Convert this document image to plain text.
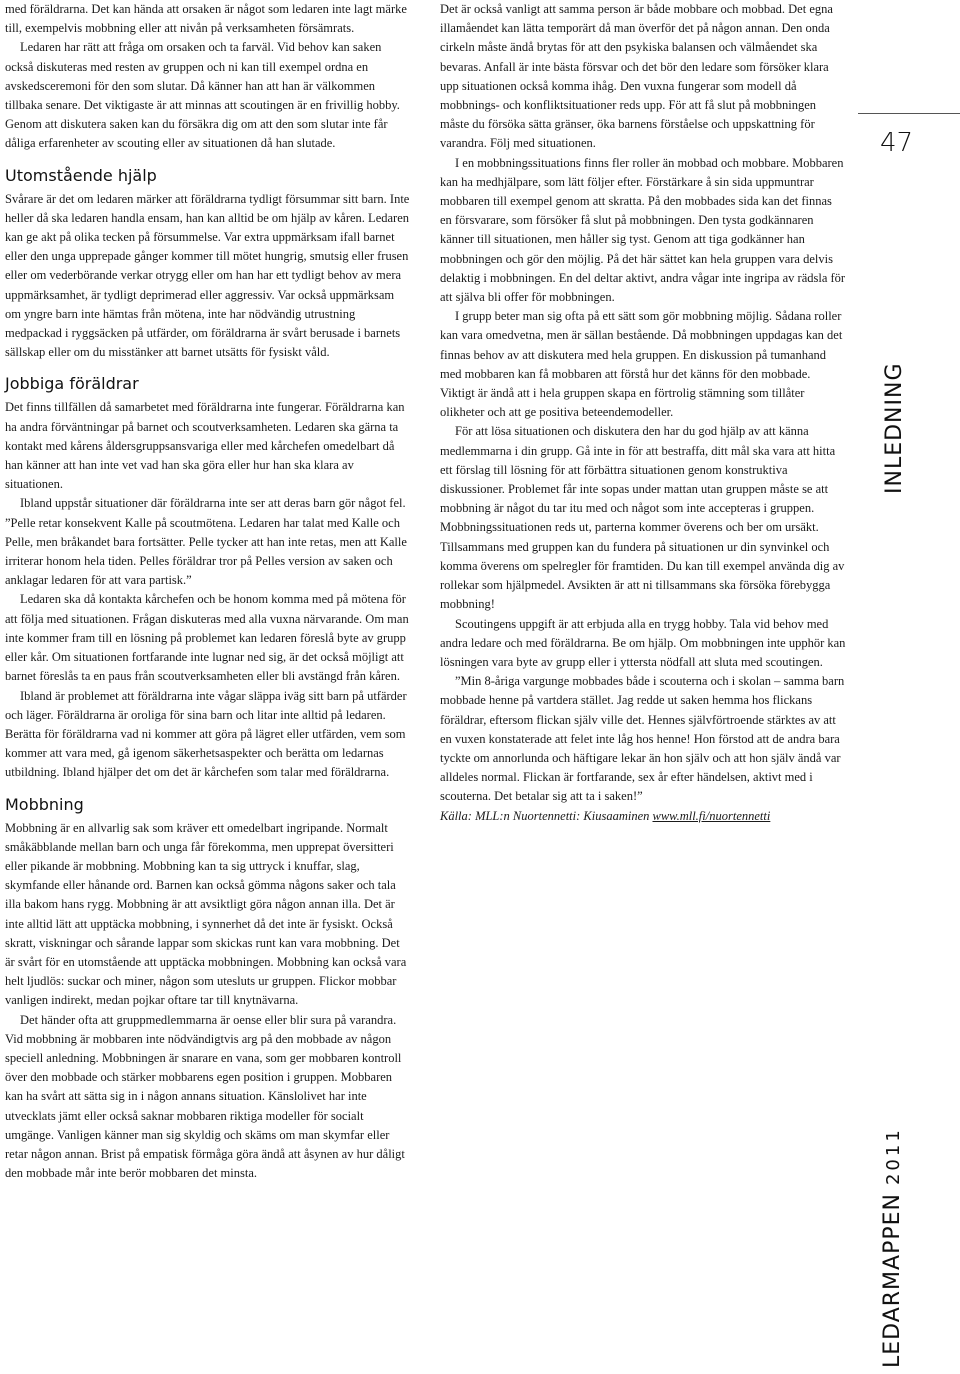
med föräldrarna. Det kan hända att orsaken är något som ledaren inte lagt märke till, exempelvis mobbning eller att nivån på verksamheten försämrats.

Ledaren har rätt att fråga om orsaken och ta farväl. Vid behov kan saken också diskuteras med resten av gruppen och ni kan till exempel ordna en avskedsceremoni för den som slutar. Då känner han att han är välkommen tillbaka senare. Det viktigaste är att minnas att scoutingen är en frivillig hobby. Genom att diskutera saken kan du försäkra dig om att den som slutar inte får dåliga erfarenheter av scouting eller av situationen då han slutade.

Utomstående hjälp

Svårare är det om ledaren märker att föräldrarna tydligt försummar sitt barn. Inte heller då ska ledaren handla ensam, han kan alltid be om hjälp av kåren. Ledaren kan ge akt på olika tecken på försummelse. Var extra uppmärksam ifall barnet eller den unga upprepade gånger kommer till mötet hungrig, smutsig eller frusen eller om vederbörande verkar otrygg eller om han har ett tydligt behov av mera uppmärksamhet, är tydligt deprimerad eller aggressiv. Var också uppmärksam om yngre barn inte hämtas från mötena, inte har nödvändig utrustning medpackad i ryggsäcken på utfärder, om föräldrarna är svårt berusade i barnets sällskap eller om du misstänker att barnet utsätts för fysiskt våld.

Jobbiga föräldrar

Det finns tillfällen då samarbetet med föräldrarna inte fungerar. Föräldrarna kan ha andra förväntningar på barnet och scoutverksamheten. Ledaren ska gärna ta kontakt med kårens åldersgruppsansvariga eller med kårchefen omedelbart då han känner att han inte vet vad han ska göra eller hur han ska klara av situationen.

Ibland uppstår situationer där föräldrarna inte ser att deras barn gör något fel. ”Pelle retar konsekvent Kalle på scoutmötena. Ledaren har talat med Kalle och Pelle, men bråkandet bara fortsätter. Pelle tycker att han inte retas, men att Kalle irriterar honom hela tiden. Pelles föräldrar tror på Pelles version av saken och anklagar ledaren för att vara partisk.”

Ledaren ska då kontakta kårchefen och be honom komma med på mötena för att följa med situationen. Frågan diskuteras med alla vuxna närvarande. Om man inte kommer fram till en lösning på problemet kan ledaren föreslå byte av grupp eller kår. Om situationen fortfarande inte lugnar ned sig, är det också möjligt att barnet föreslås ta en paus från scoutverksamheten eller bli avstängd från kåren.

Ibland är problemet att föräldrarna inte vågar släppa iväg sitt barn på utfärder och läger. Föräldrarna är oroliga för sina barn och litar inte alltid på ledaren. Berätta för föräldrarna vad ni kommer att göra på lägret eller utfärden, vem som kommer att vara med, gå igenom säkerhetsaspekter och berätta om ledarnas utbildning. Ibland hjälper det om det är kårchefen som talar med föräldrarna.

Mobbning

Mobbning är en allvarlig sak som kräver ett omedelbart ingripande. Normalt småkäbblande mellan barn och unga får förekomma, men upprepat översitteri eller pikande är mobbning. Mobbning kan ta sig uttryck i knuffar, slag, skymfande eller hånande ord. Barnen kan också gömma någons saker och tala illa bakom hans rygg. Mobbning är att avsiktligt göra någon annan illa. Det är inte alltid lätt att upptäcka mobbning, i synnerhet då det inte är fysiskt. Också skratt, viskningar och sårande lappar som skickas runt kan vara mobbning. Det är svårt för en utomstående att upptäcka mobbningen. Mobbning kan också vara helt ljudlös: suckar och miner, någon som utesluts ur gruppen. Flickor mobbar vanligen indirekt, medan pojkar oftare tar till knytnävarna.

Det händer ofta att gruppmedlemmarna är oense eller blir sura på varandra. Vid mobbning är mobbaren inte nödvändigtvis arg på den mobbade av någon speciell anledning. Mobbningen är snarare en vana, som ger mobbaren kontroll över den mobbade och stärker mobbarens egen position i gruppen. Mobbaren kan ha svårt att sätta sig in i någon annans situation. Känslolivet har inte utvecklats jämt eller också saknar mobbaren riktiga modeller för socialt umgänge. Vanligen känner man sig skyldig och skäms om man skymfar eller retar någon annan. Brist på empatisk förmåga göra ändå att åsynen av hur dåligt den mobbade mår inte berör mobbaren det minsta.

Det är också vanligt att samma person är både mobbare och mobbad. Det egna illamåendet kan lätta temporärt då man överför det på någon annan. Den onda cirkeln måste ändå brytas för att den psykiska balansen och välmåendet ska bevaras. Anfall är inte bästa försvar och det bör den ledare som försöker klara upp situationen också komma ihåg. Den vuxna fungerar som modell då mobbnings- och konfliktsituationer reds upp. För att få slut på mobbningen måste du försöka sätta gränser, öka barnens förståelse och uppskattning för varandra. Följ med situationen.

I en mobbningssituations finns fler roller än mobbad och mobbare. Mobbaren kan ha medhjälpare, som lätt följer efter. Förstärkare å sin sida uppmuntrar mobbaren till exempel genom att skratta. På den mobbades sida kan det finnas en försvarare, som försöker få slut på mobbningen. Den tysta godkännaren känner till situationen, men håller sig tyst. Genom att tiga godkänner han mobbningen och gör den möjlig. På det här sättet kan hela gruppen vara delvis delaktig i mobbningen. En del deltar aktivt, andra vågar inte ingripa av rädsla för att själva bli offer för mobbningen.

I grupp beter man sig ofta på ett sätt som gör mobbning möjlig. Sådana roller kan vara omedvetna, men är sällan bestående. Då mobbningen uppdagas kan det finnas behov av att diskutera med hela gruppen. En diskussion på tumanhand med mobbaren kan få mobbaren att förstå hur det känns för den mobbade. Viktigt är ändå att i hela gruppen skapa en förtrolig stämning som tillåter olikheter och att ge positiva beteendemodeller.

För att lösa situationen och diskutera den har du god hjälp av att känna medlemmarna i din grupp. Gå inte in för att bestraffa, ditt mål ska vara att hitta ett förslag till lösning för att förbättra situationen genom konstruktiva diskussioner. Problemet får inte sopas under mattan utan gruppen måste se att mobbning är något du tar itu med och något som inte accepteras i gruppen. Mobbningssituationen reds ut, parterna kommer överens och ber om ursäkt. Tillsammans med gruppen kan du fundera på situationen ur din synvinkel och komma överens om spelregler för framtiden. Du kan till exempel använda dig av rollekar som hjälpmedel. Avsikten är att ni tillsammans ska försöka förebygga mobbning!

Scoutingens uppgift är att erbjuda alla en trygg hobby. Tala vid behov med andra ledare och med föräldrarna. Be om hjälp. Om mobbningen inte upphör kan lösningen vara byte av grupp eller i yttersta nödfall att sluta med scoutingen.

”Min 8-åriga vargunge mobbades både i scouterna och i skolan – samma barn mobbade henne på vartdera stället. Jag redde ut saken hemma hos flickans föräldrar, eftersom flickan själv ville det. Hennes självförtroende stärktes av att en vuxen konstaterade att felet inte låg hos henne! Hon förstod att de andra bara tyckte om annorlunda och häftigare lekar än hon själv och att hon själv ändå var alldeles normal. Flickan är fortfarande, sex år efter händelsen, aktivt med i scouterna. Det betalar sig att ta i saken!”

Källa: MLL:n Nuortennetti: Kiusaaminen www.mll.fi/nuortennetti

47
INLEDNING
LEDARMAPPEN 2011
